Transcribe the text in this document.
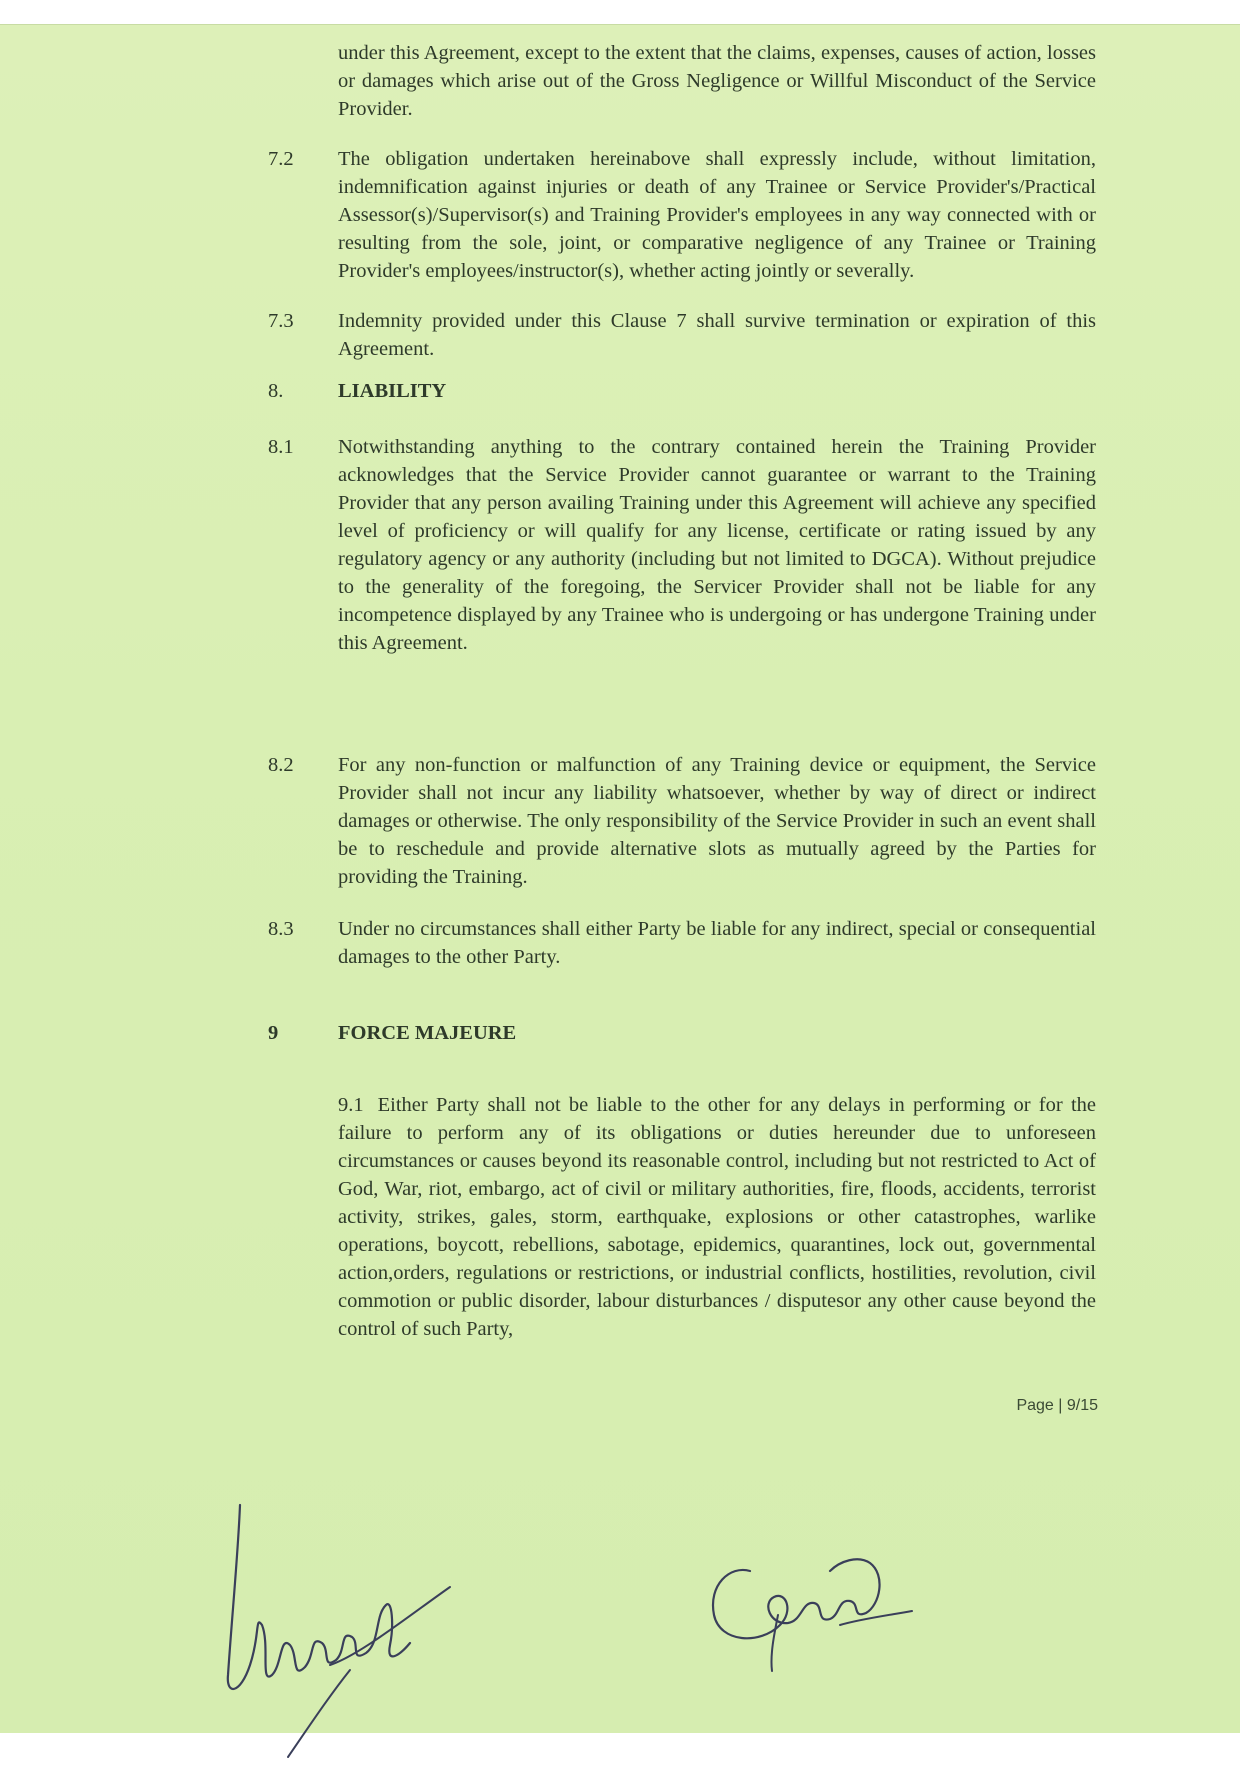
under this Agreement, except to the extent that the claims, expenses, causes of action, losses or damages which arise out of the Gross Negligence or Willful Misconduct of the Service Provider.

7.2 The obligation undertaken hereinabove shall expressly include, without limitation, indemnification against injuries or death of any Trainee or Service Provider's/Practical Assessor(s)/Supervisor(s) and Training Provider's employees in any way connected with or resulting from the sole, joint, or comparative negligence of any Trainee or Training Provider's employees/instructor(s), whether acting jointly or severally.

7.3 Indemnity provided under this Clause 7 shall survive termination or expiration of this Agreement.

8.	LIABILITY
8.1 Notwithstanding anything to the contrary contained herein the Training Provider acknowledges that the Service Provider cannot guarantee or warrant to the Training Provider that any person availing Training under this Agreement will achieve any specified level of proficiency or will qualify for any license, certificate or rating issued by any regulatory agency or any authority (including but not limited to DGCA). Without prejudice to the generality of the foregoing, the Servicer Provider shall not be liable for any incompetence displayed by any Trainee who is undergoing or has undergone Training under this Agreement.

8.2 For any non-function or malfunction of any Training device or equipment, the Service Provider shall not incur any liability whatsoever, whether by way of direct or indirect damages or otherwise. The only responsibility of the Service Provider in such an event shall be to reschedule and provide alternative slots as mutually agreed by the Parties for providing the Training.

8.3 Under no circumstances shall either Party be liable for any indirect, special or consequential damages to the other Party.

9	FORCE MAJEURE

9.1 Either Party shall not be liable to the other for any delays in performing or for the failure to perform any of its obligations or duties hereunder due to unforeseen circumstances or causes beyond its reasonable control, including but not restricted to Act of God, War, riot, embargo, act of civil or military authorities, fire, floods, accidents, terrorist activity, strikes, gales, storm, earthquake, explosions or other catastrophes, warlike operations, boycott, rebellions, sabotage, epidemics, quarantines, lock out, governmental action,orders, regulations or restrictions, or industrial conflicts, hostilities, revolution, civil commotion or public disorder, labour disturbances / disputesor any other cause beyond the control of such Party,

Page | 9/15
